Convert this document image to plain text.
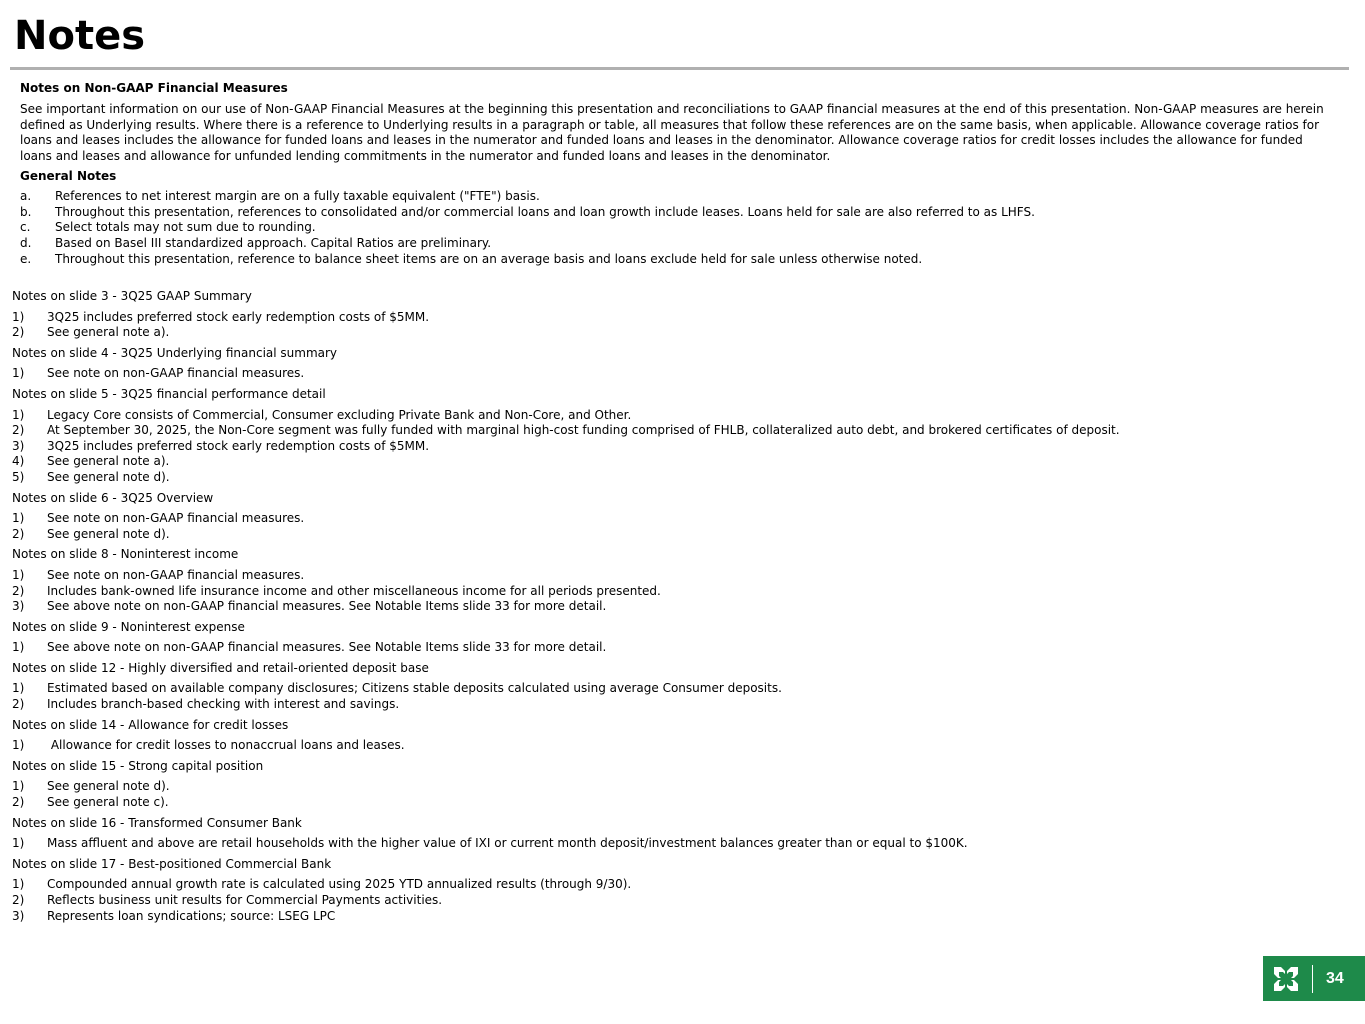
Notes

Notes on Non-GAAP Financial Measures

See important information on our use of Non-GAAP Financial Measures at the beginning this presentation and reconciliations to GAAP financial measures at the end of this presentation. Non-GAAP measures are herein defined as Underlying results. Where there is a reference to Underlying results in a paragraph or table, all measures that follow these references are on the same basis, when applicable. Allowance coverage ratios for loans and leases includes the allowance for funded loans and leases in the numerator and funded loans and leases in the denominator. Allowance coverage ratios for credit losses includes the allowance for funded loans and leases and allowance for unfunded lending commitments in the numerator and funded loans and leases in the denominator.

General Notes

a. References to net interest margin are on a fully taxable equivalent ("FTE") basis.
b. Throughout this presentation, references to consolidated and/or commercial loans and loan growth include leases. Loans held for sale are also referred to as LHFS.
c. Select totals may not sum due to rounding.
d. Based on Basel III standardized approach. Capital Ratios are preliminary.
e. Throughout this presentation, reference to balance sheet items are on an average basis and loans exclude held for sale unless otherwise noted.

Notes on slide 3 - 3Q25 GAAP Summary

1) 3Q25 includes preferred stock early redemption costs of $5MM.
2) See general note a).

Notes on slide 4 - 3Q25 Underlying financial summary

1) See note on non-GAAP financial measures.

Notes on slide 5 - 3Q25 financial performance detail

1) Legacy Core consists of Commercial, Consumer excluding Private Bank and Non-Core, and Other.
2) At September 30, 2025, the Non-Core segment was fully funded with marginal high-cost funding comprised of FHLB, collateralized auto debt, and brokered certificates of deposit.
3) 3Q25 includes preferred stock early redemption costs of $5MM.
4) See general note a).
5) See general note d).

Notes on slide 6 - 3Q25 Overview

1) See note on non-GAAP financial measures.
2) See general note d).

Notes on slide 8 - Noninterest income

1) See note on non-GAAP financial measures.
2) Includes bank-owned life insurance income and other miscellaneous income for all periods presented.
3) See above note on non-GAAP financial measures. See Notable Items slide 33 for more detail.

Notes on slide 9 - Noninterest expense

1) See above note on non-GAAP financial measures. See Notable Items slide 33 for more detail.

Notes on slide 12 - Highly diversified and retail-oriented deposit base

1) Estimated based on available company disclosures; Citizens stable deposits calculated using average Consumer deposits.
2) Includes branch-based checking with interest and savings.

Notes on slide 14 - Allowance for credit losses

1) Allowance for credit losses to nonaccrual loans and leases.

Notes on slide 15 - Strong capital position

1) See general note d).
2) See general note c).

Notes on slide 16 - Transformed Consumer Bank

1) Mass affluent and above are retail households with the higher value of IXI or current month deposit/investment balances greater than or equal to $100K.

Notes on slide 17 - Best-positioned Commercial Bank

1) Compounded annual growth rate is calculated using 2025 YTD annualized results (through 9/30).
2) Reflects business unit results for Commercial Payments activities.
3) Represents loan syndications; source: LSEG LPC
34
